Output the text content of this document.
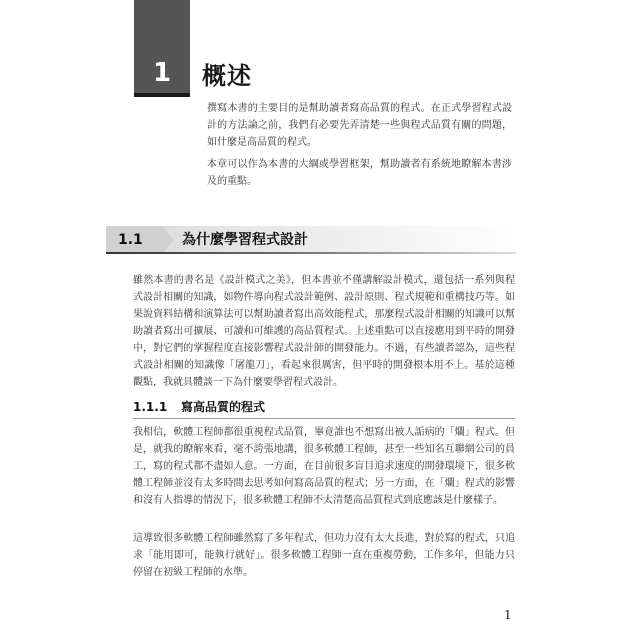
1	概述

撰寫本書的主要目的是幫助讀者寫高品質的程式。在正式學習程式設計的方法論之前，我們有必要先弄清楚一些與程式品質有關的問題，如什麼是高品質的程式。

本章可以作為本書的大綱或學習框架，幫助讀者有系統地瞭解本書涉及的重點。

1.1	為什麼學習程式設計

雖然本書的書名是《設計模式之美》，但本書並不僅講解設計模式，還包括一系列與程式設計相關的知識，如物件導向程式設計範例、設計原則、程式規範和重構技巧等。如果說資料結構和演算法可以幫助讀者寫出高效能程式，那麼程式設計相關的知識可以幫助讀者寫出可擴展、可讀和可維護的高品質程式。上述重點可以直接應用到平時的開發中，對它們的掌握程度直接影響程式設計師的開發能力。不過，有些讀者認為，這些程式設計相關的知識像「屠龍刀」，看起來很厲害，但平時的開發根本用不上。基於這種觀點，我就具體談一下為什麼要學習程式設計。

1.1.1 寫高品質的程式

我相信，軟體工程師都很重視程式品質，畢竟誰也不想寫出被人詬病的「爛」程式。但是，就我的瞭解來看，毫不誇張地講，很多軟體工程師，甚至一些知名互聯網公司的員工，寫的程式都不盡如人意。一方面，在目前很多盲目追求速度的開發環境下，很多軟體工程師並沒有太多時間去思考如何寫高品質的程式；另一方面，在「爛」程式的影響和沒有人指導的情況下，很多軟體工程師不太清楚高品質程式到底應該是什麼樣子。

這導致很多軟體工程師雖然寫了多年程式，但功力沒有太大長進，對於寫的程式，只追求「能用即可，能執行就好」。很多軟體工程師一直在重複勞動，工作多年，但能力只停留在初級工程師的水準。

1
